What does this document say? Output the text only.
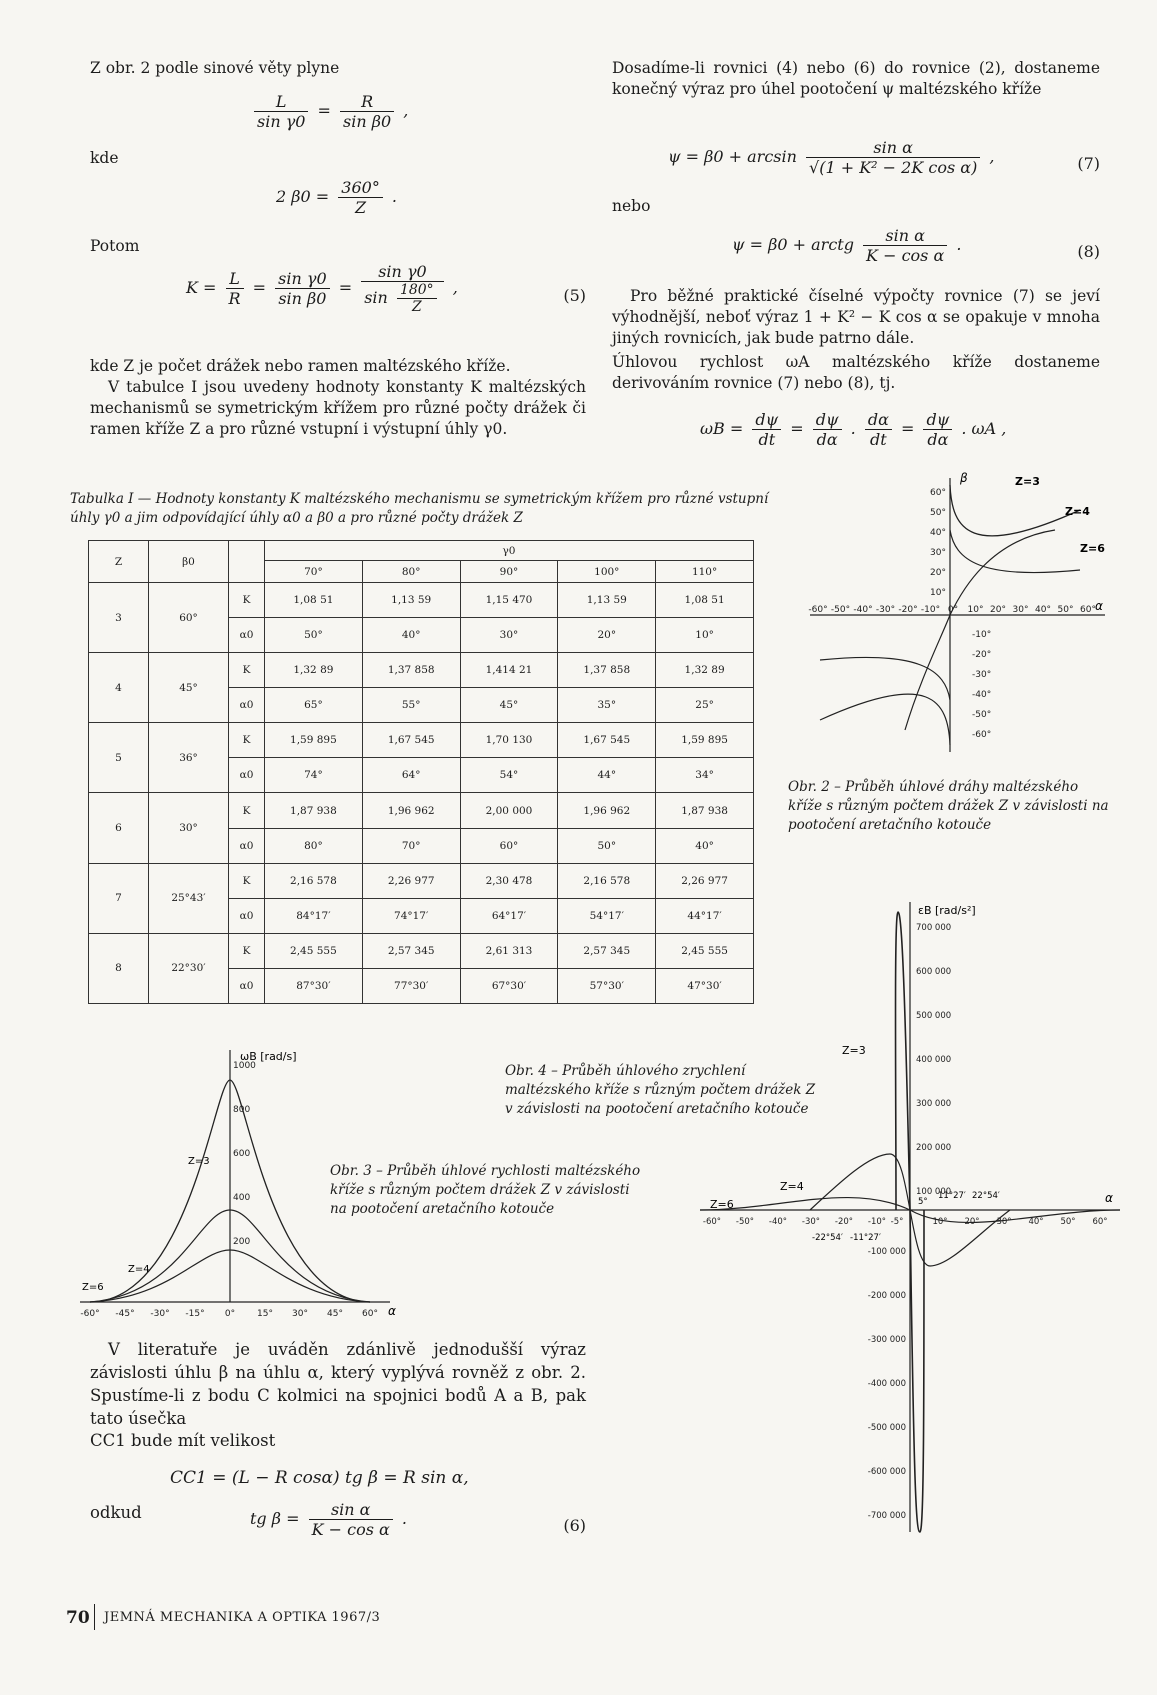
Z obr. 2 podle sinové věty plyne
$\frac{L}{\text{sin γ0}} = \frac{R}{\text{sin β0}}$ ,
kde
2 $\beta 0 = \frac{360^\circ}{Z}$ .
Potom
$K = \frac{L}{R} = \frac{\text{sin γ0}}{\text{sin β0}} = \frac{\text{sin γ0}}{\sin \frac{180^\circ}{Z}}$ ,	(5)
kde Z je počet drážek nebo ramen maltézského kříže.
V tabulce I jsou uvedeny hodnoty konstanty K maltézských mechanismů se symetrickým křížem pro různé počty drážek či ramen kříže Z a pro různé vstupní i výstupní úhly γ0.
Dosadíme-li rovnici (4) nebo (6) do rovnice (2), dostaneme konečný výraz pro úhel pootočení ψ maltézského kříže
$\psi = \beta 0 + \arcsin \frac{\text{sin α}}{\text{√(1 + K² − 2K cos α)}}$ ,	(7)
nebo
ψ = β0 + arctg $\frac{\text{sin α}}{\text{K − cos α}}$ .	(8)
Pro běžné praktické číselné výpočty rovnice (7) se jeví výhodnější, neboť výraz 1 + K² − K cos α se opakuje v mnoha jiných rovnicích, jak bude patrno dále.
Úhlovou rychlost ωA maltézského kříže dostaneme derivováním rovnice (7) nebo (8), tj.
$\omega B = \frac{d\psi}{dt} = \frac{d\psi}{d\alpha}$ . $\frac{d\alpha}{dt} = \frac{d\psi}{d\alpha}$ . ωA ,
Tabulka I — Hodnoty konstanty K maltézského mechanismu se symetrickým křížem pro různé vstupní úhly γ0 a jim odpovídající úhly α0 a β0 a pro různé počty drážek Z
Z	β0		γ0				
			70°	80°	90°	100°	110°
3	60°	K	1,08 51	1,13 59	1,15 470	1,13 59	1,08 51
		α0	50°	40°	30°	20°	10°
4	45°	K	1,32 89	1,37 858	1,414 21	1,37 858	1,32 89
		α0	65°	55°	45°	35°	25°
5	36°	K	1,59 895	1,67 545	1,70 130	1,67 545	1,59 895
		α0	74°	64°	54°	44°	34°
6	30°	K	1,87 938	1,96 962	2,00 000	1,96 962	1,87 938
		α0	80°	70°	60°	50°	40°
7	25°43′	K	2,16 578	2,26 977	2,30 478	2,16 578	2,26 977
		α0	84°17′	74°17′	64°17′	54°17′	44°17′
8	22°30′	K	2,45 555	2,57 345	2,61 313	2,57 345	2,45 555
		α0	87°30′	77°30′	67°30′	57°30′	47°30′
60°
50°
40°
30°
20°
10°
-10°
-20°
-30°
-40°
-50°
-60°
-60° -50° -40° -30° -20° -10° 0° 10° 20° 30° 40° 50° 60°
β
α
Z=3
Z=4
Z=6
Obr. 2 – Průběh úhlové dráhy maltézského kříže s různým počtem drážek Z v závislosti na pootočení aretačního kotouče
1000
800
600
400
200
-60° -45° -30° -15° 0° 15° 30° 45° 60°
ωB [rad/s]
α
Z=3
Z=4
Z=6
Obr. 3 – Průběh úhlové rychlosti maltézského kříže s různým počtem drážek Z v závislosti na pootočení aretačního kotouče
700 000
600 000
500 000
400 000
300 000
200 000
100 000
-100 000
-200 000
-300 000
-400 000
-500 000
-600 000
-700 000
-60° -50° -40° -30° -20° -10° -5°	10° 20° 30° 40° 50° 60°
εB [rad/s²]
α
Z=3
Z=4
Z=6	5°
11°27′ 22°54′
-22°54′ -11°27′
Obr. 4 – Průběh úhlového zrychlení maltézského kříže s různým počtem drážek Z v závislosti na pootočení aretačního kotouče
V literatuře je uváděn zdánlivě jednodušší výraz závislosti úhlu β na úhlu α, který vyplývá rovněž z obr. 2. Spustíme-li z bodu C kolmici na spojnici bodů A a B, pak tato úsečka
CC1 bude mít velikost
CC1 = (L − R cosα) tg β = R sin α,
odkud	tg $\beta = \frac{\text{sin α}}{\text{K − cos α}}$ .	(6)
70 JEMNÁ MECHANIKA A OPTIKA 1967/3
